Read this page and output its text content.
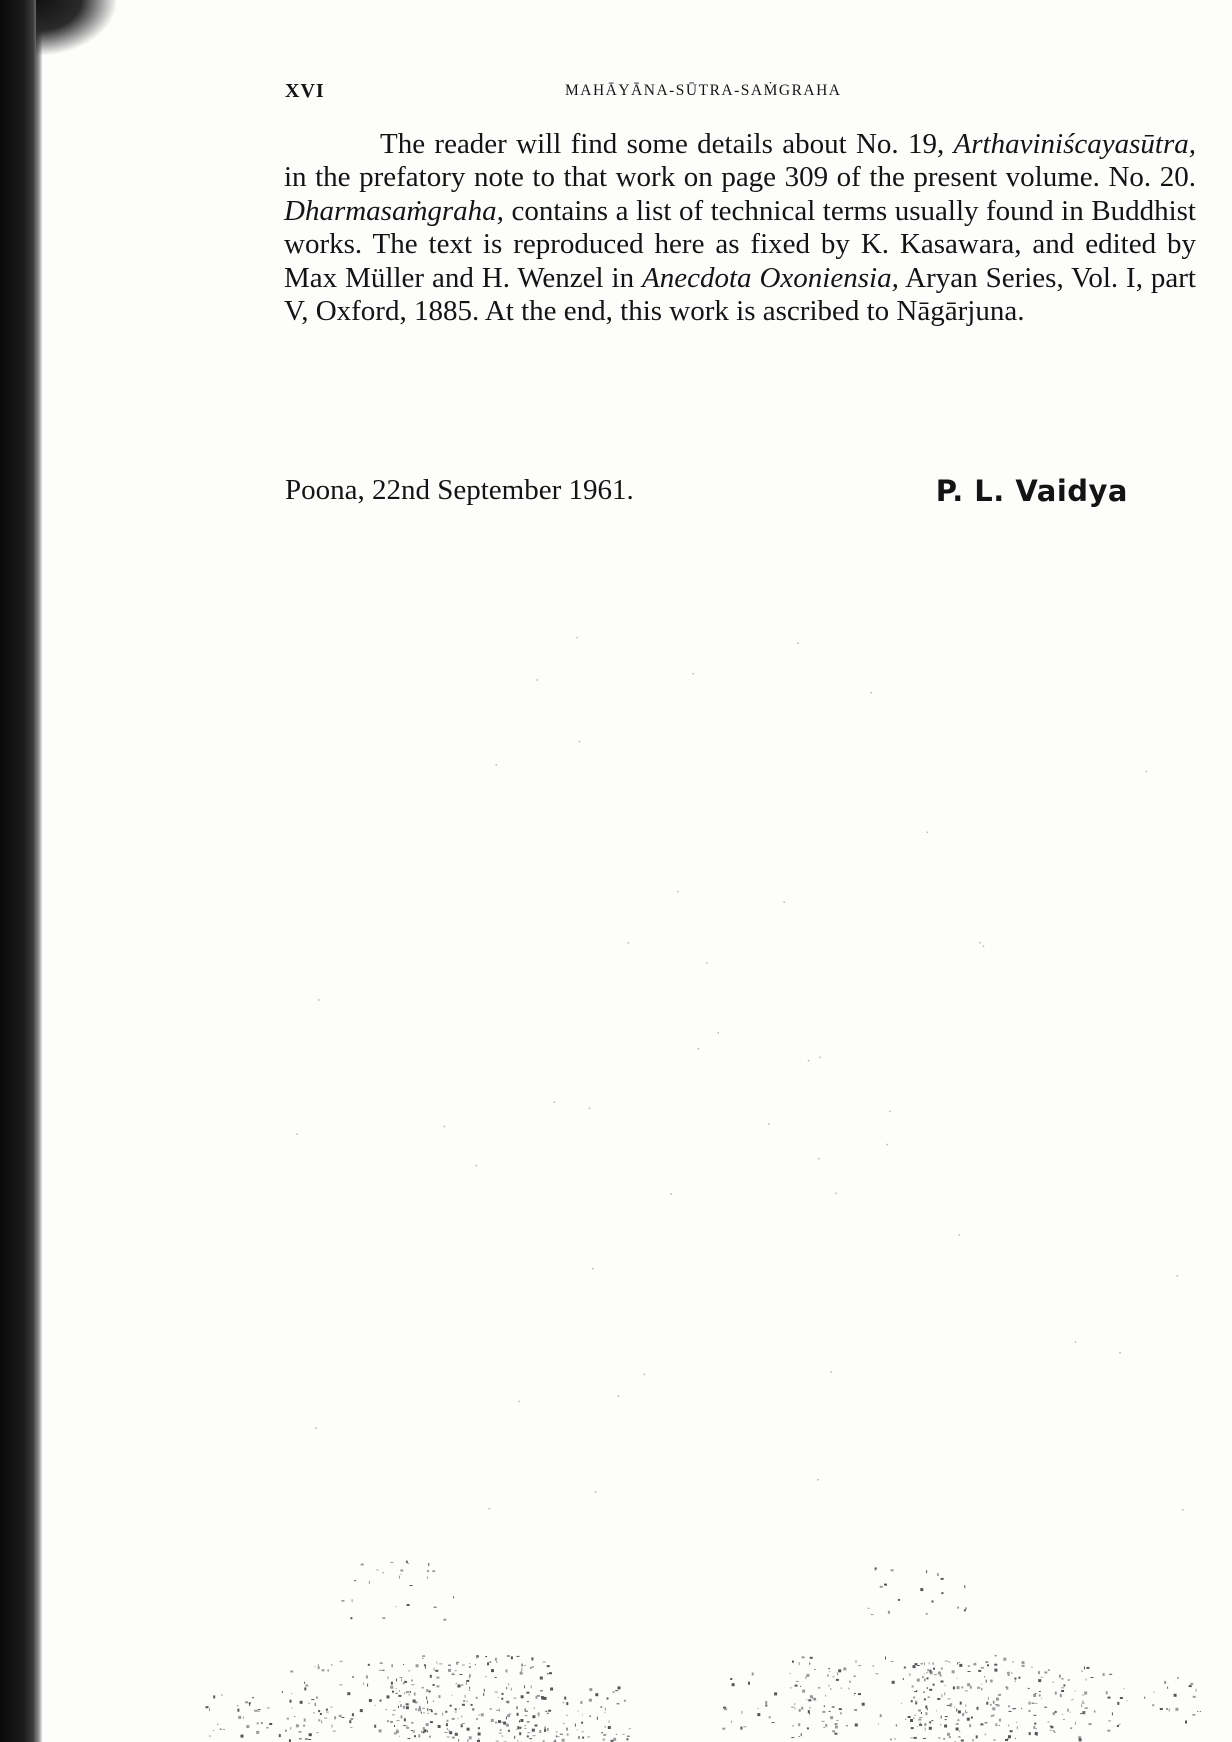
XVI	MAHĀYĀNA-SŪTRA-SAṀGRAHA

The reader will find some details about No. 19, Arthaviniścayasūtra, in the prefatory note to that work on page 309 of the present volume. No. 20. Dharmasaṁgraha, contains a list of technical terms usually found in Buddhist works. The text is reproduced here as fixed by K. Kasawara, and edited by Max Müller and H. Wenzel in Anecdota Oxoniensia, Aryan Series, Vol. I, part V, Oxford, 1885. At the end, this work is ascribed to Nāgārjuna.

Poona, 22nd September 1961.	P. L. Vaidya
